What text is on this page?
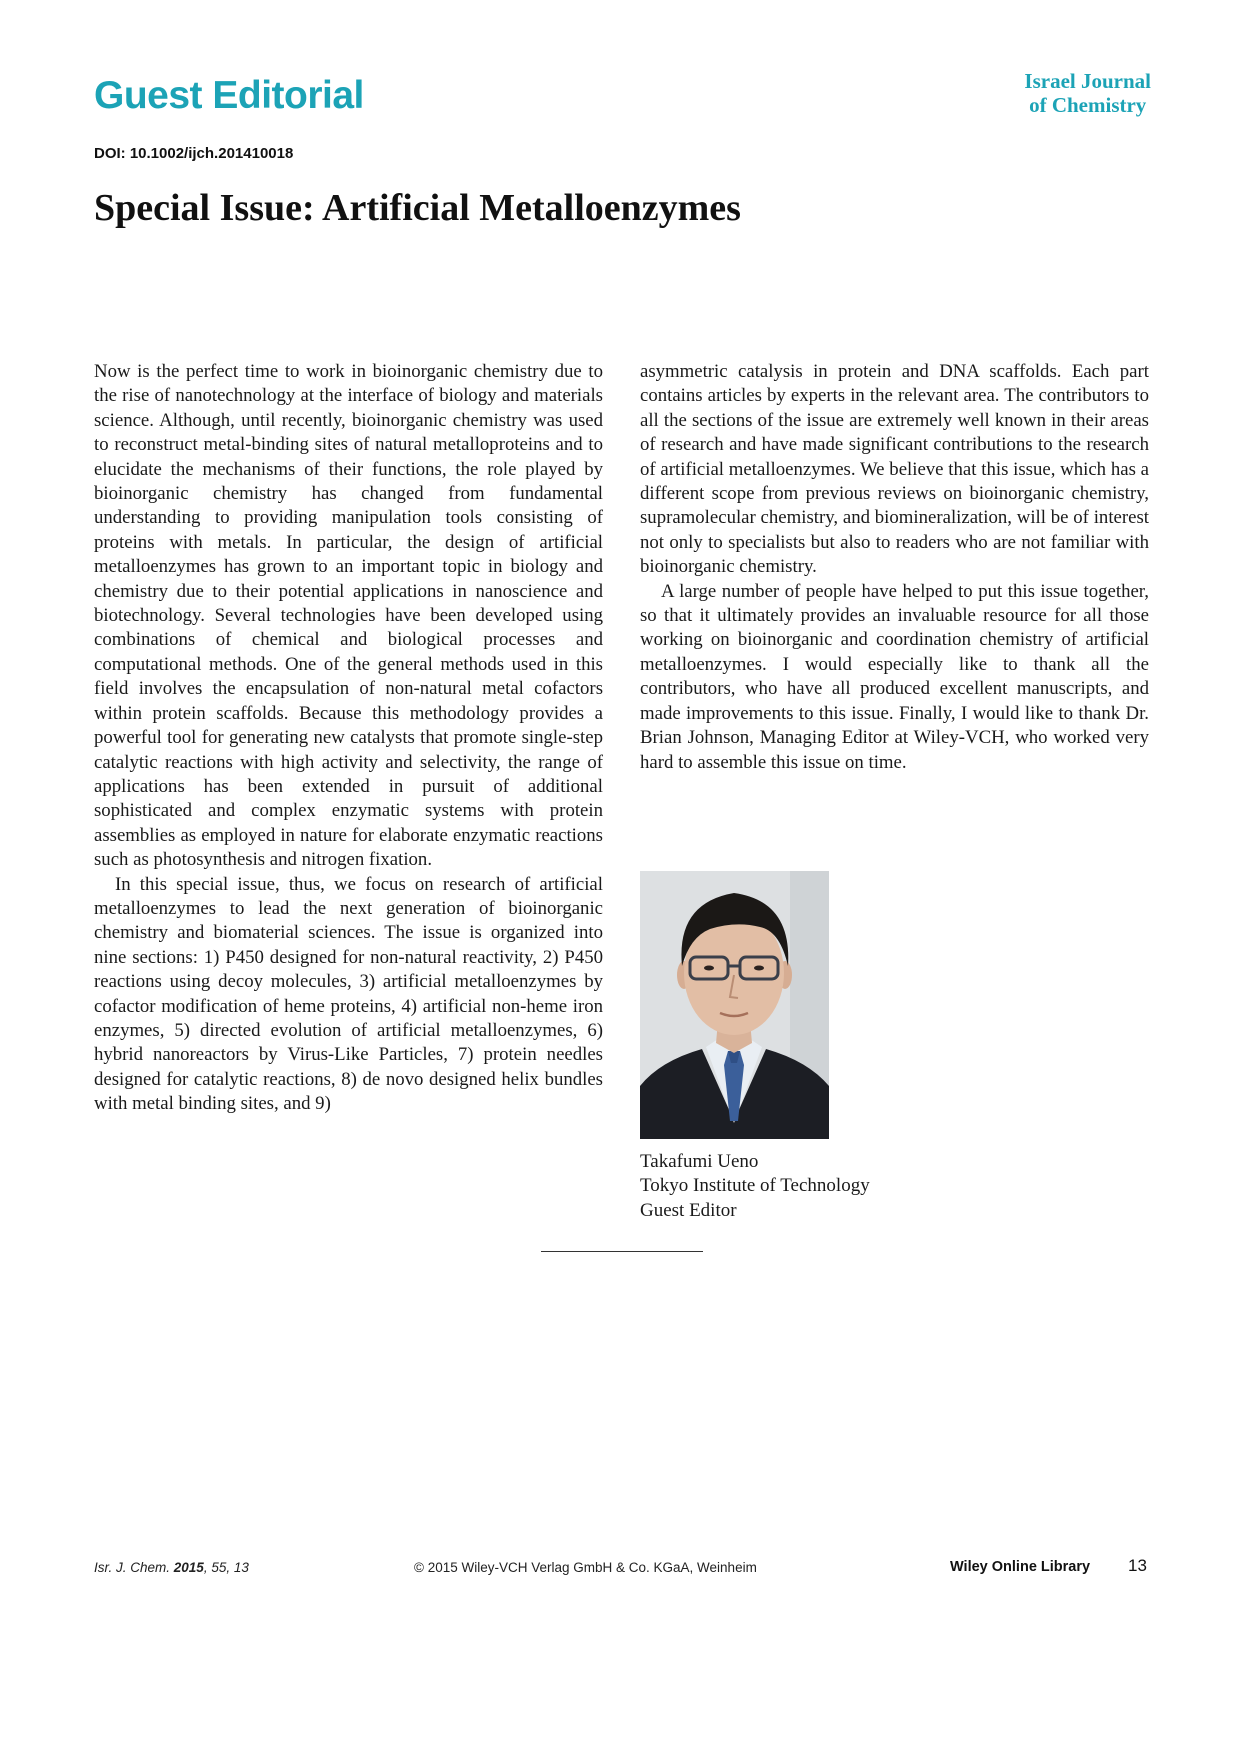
Guest Editorial	Israel Journal
of Chemistry
DOI: 10.1002/ijch.201410018
Special Issue: Artificial Metalloenzymes

Now is the perfect time to work in bioinorganic chemistry due to the rise of nanotechnology at the interface of biology and materials science. Although, until recently, bioinorganic chemistry was used to reconstruct metal-binding sites of natural metalloproteins and to elucidate the mechanisms of their functions, the role played by bioinorganic chemistry has changed from fundamental understanding to providing manipulation tools consisting of proteins with metals. In particular, the design of artificial metalloenzymes has grown to an important topic in biology and chemistry due to their potential applications in nanoscience and biotechnology. Several technologies have been developed using combinations of chemical and biological processes and computational methods. One of the general methods used in this field involves the encapsulation of non-natural metal cofactors within protein scaffolds. Because this methodology provides a powerful tool for generating new catalysts that promote single-step catalytic reactions with high activity and selectivity, the range of applications has been extended in pursuit of additional sophisticated and complex enzymatic systems with protein assemblies as employed in nature for elaborate enzymatic reactions such as photosynthesis and nitrogen fixation.

In this special issue, thus, we focus on research of artificial metalloenzymes to lead the next generation of bioinorganic chemistry and biomaterial sciences. The issue is organized into nine sections: 1) P450 designed for non-natural reactivity, 2) P450 reactions using decoy molecules, 3) artificial metalloenzymes by cofactor modification of heme proteins, 4) artificial non-heme iron enzymes, 5) directed evolution of artificial metalloenzymes, 6) hybrid nanoreactors by Virus-Like Particles, 7) protein needles designed for catalytic reactions, 8) de novo designed helix bundles with metal binding sites, and 9)

asymmetric catalysis in protein and DNA scaffolds. Each part contains articles by experts in the relevant area. The contributors to all the sections of the issue are extremely well known in their areas of research and have made significant contributions to the research of artificial metalloenzymes. We believe that this issue, which has a different scope from previous reviews on bioinorganic chemistry, supramolecular chemistry, and biomineralization, will be of interest not only to specialists but also to readers who are not familiar with bioinorganic chemistry.

A large number of people have helped to put this issue together, so that it ultimately provides an invaluable resource for all those working on bioinorganic and coordination chemistry of artificial metalloenzymes. I would especially like to thank all the contributors, who have all produced excellent manuscripts, and made improvements to this issue. Finally, I would like to thank Dr. Brian Johnson, Managing Editor at Wiley-VCH, who worked very hard to assemble this issue on time.

Takafumi Ueno
Tokyo Institute of Technology
Guest Editor
Isr. J. Chem. 2015, 55, 13	© 2015 Wiley-VCH Verlag GmbH & Co. KGaA, Weinheim	Wiley Online Library 13
